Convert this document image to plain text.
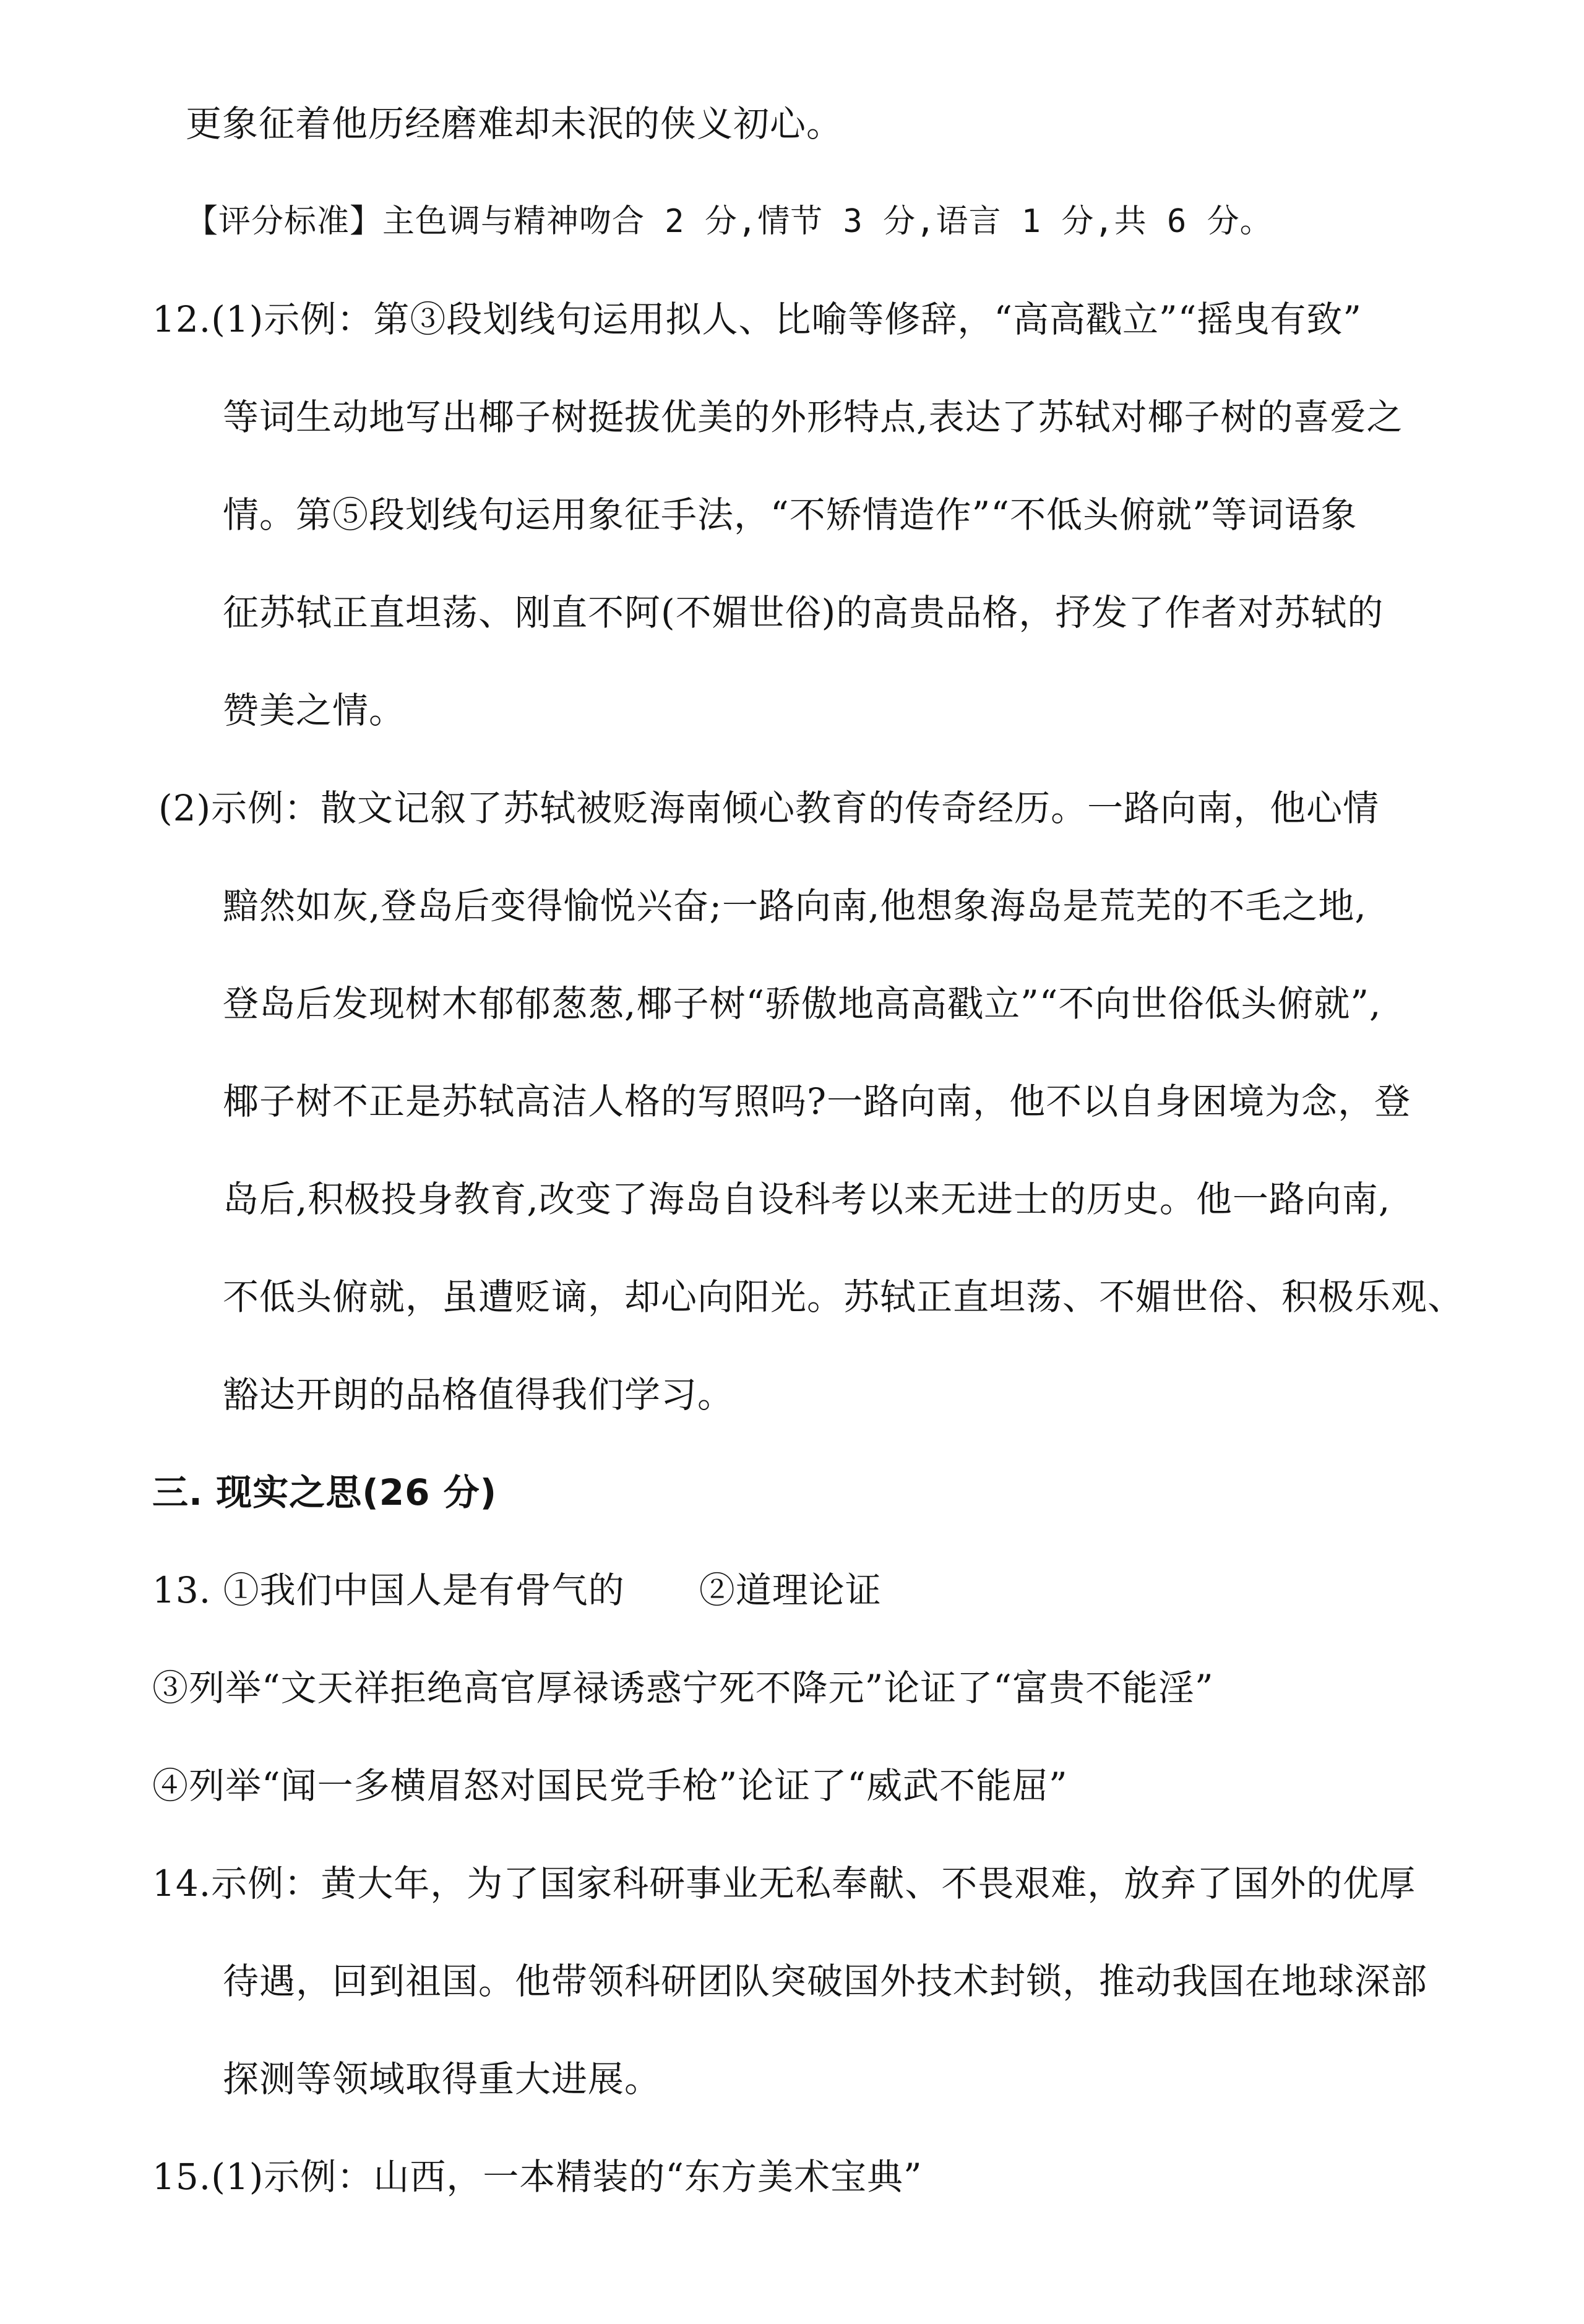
更象征着他历经磨难却未泯的侠义初心。
【评分标准】主色调与精神吻合 2 分,情节 3 分,语言 1 分,共 6 分。
12.(1)示例：第③段划线句运用拟人、比喻等修辞，“高高戳立”“摇曳有致”
等词生动地写出椰子树挺拔优美的外形特点,表达了苏轼对椰子树的喜爱之
情。第⑤段划线句运用象征手法，“不矫情造作”“不低头俯就”等词语象
征苏轼正直坦荡、刚直不阿(不媚世俗)的高贵品格，抒发了作者对苏轼的
赞美之情。
(2)示例：散文记叙了苏轼被贬海南倾心教育的传奇经历。一路向南，他心情
黯然如灰,登岛后变得愉悦兴奋;一路向南,他想象海岛是荒芜的不毛之地,
登岛后发现树木郁郁葱葱,椰子树“骄傲地高高戳立”“不向世俗低头俯就”,
椰子树不正是苏轼高洁人格的写照吗?一路向南，他不以自身困境为念，登
岛后,积极投身教育,改变了海岛自设科考以来无进士的历史。他一路向南,
不低头俯就，虽遭贬谪，却心向阳光。苏轼正直坦荡、不媚世俗、积极乐观、
豁达开朗的品格值得我们学习。
三. 现实之思(26 分)
13. ①我们中国人是有骨气的 ②道理论证
③列举“文天祥拒绝高官厚禄诱惑宁死不降元”论证了“富贵不能淫”
④列举“闻一多横眉怒对国民党手枪”论证了“威武不能屈”
14.示例：黄大年，为了国家科研事业无私奉献、不畏艰难，放弃了国外的优厚
待遇，回到祖国。他带领科研团队突破国外技术封锁，推动我国在地球深部
探测等领域取得重大进展。
15.(1)示例：山西，一本精装的“东方美术宝典”
